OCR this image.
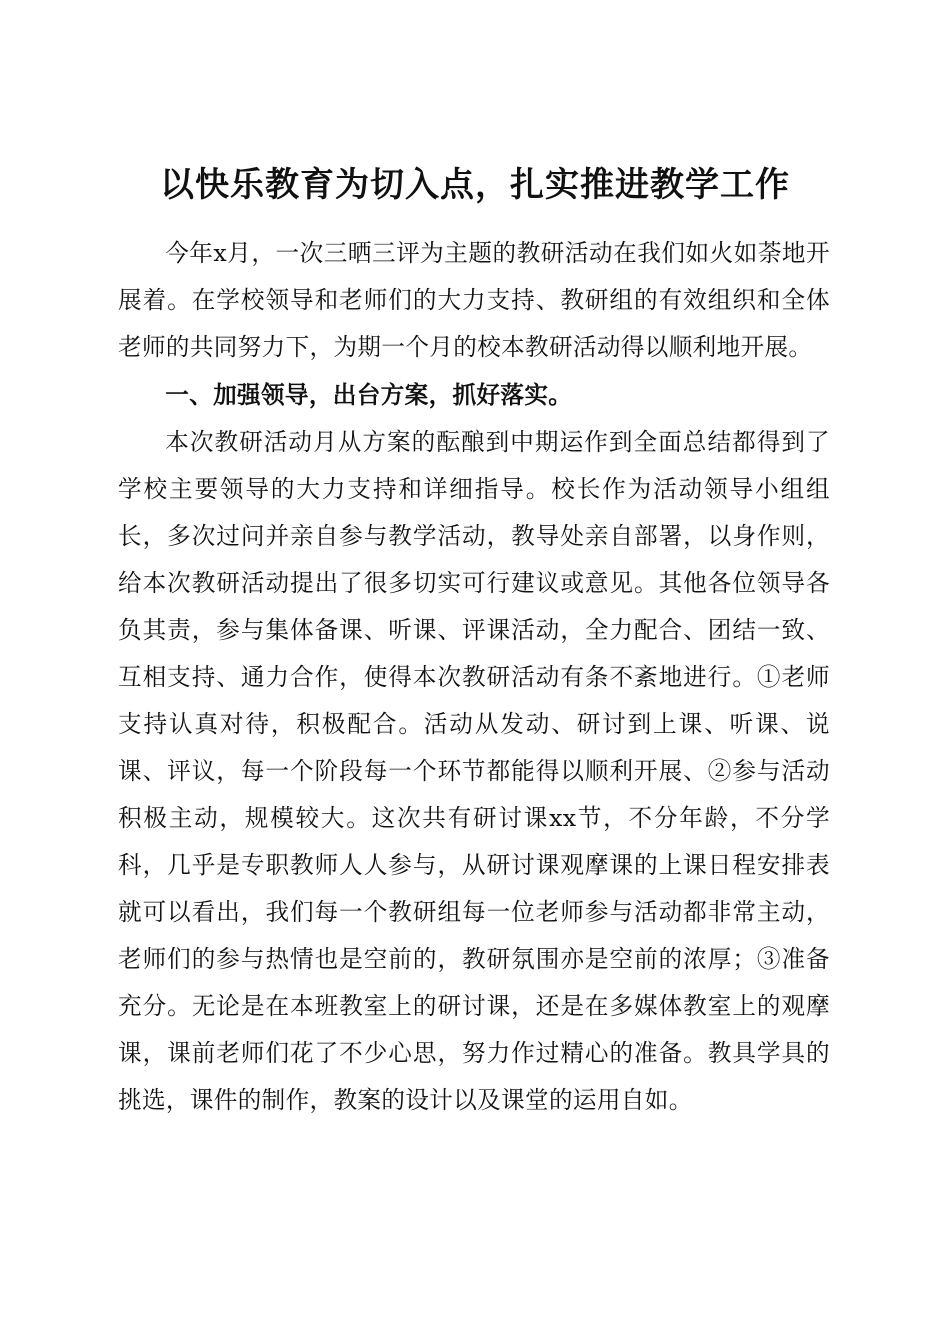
以快乐教育为切入点，扎实推进教学工作

今年x月，一次三晒三评为主题的教研活动在我们如火如荼地开展着。在学校领导和老师们的大力支持、教研组的有效组织和全体老师的共同努力下，为期一个月的校本教研活动得以顺利地开展。

一、加强领导，出台方案，抓好落实。

本次教研活动月从方案的酝酿到中期运作到全面总结都得到了学校主要领导的大力支持和详细指导。校长作为活动领导小组组长，多次过问并亲自参与教学活动，教导处亲自部署，以身作则，给本次教研活动提出了很多切实可行建议或意见。其他各位领导各负其责，参与集体备课、听课、评课活动，全力配合、团结一致、互相支持、通力合作，使得本次教研活动有条不紊地进行。①老师支持认真对待，积极配合。活动从发动、研讨到上课、听课、说课、评议，每一个阶段每一个环节都能得以顺利开展、②参与活动积极主动，规模较大。这次共有研讨课xx节，不分年龄，不分学科，几乎是专职教师人人参与，从研讨课观摩课的上课日程安排表就可以看出，我们每一个教研组每一位老师参与活动都非常主动，老师们的参与热情也是空前的，教研氛围亦是空前的浓厚；③准备充分。无论是在本班教室上的研讨课，还是在多媒体教室上的观摩课，课前老师们花了不少心思，努力作过精心的准备。教具学具的挑选，课件的制作，教案的设计以及课堂的运用自如。
